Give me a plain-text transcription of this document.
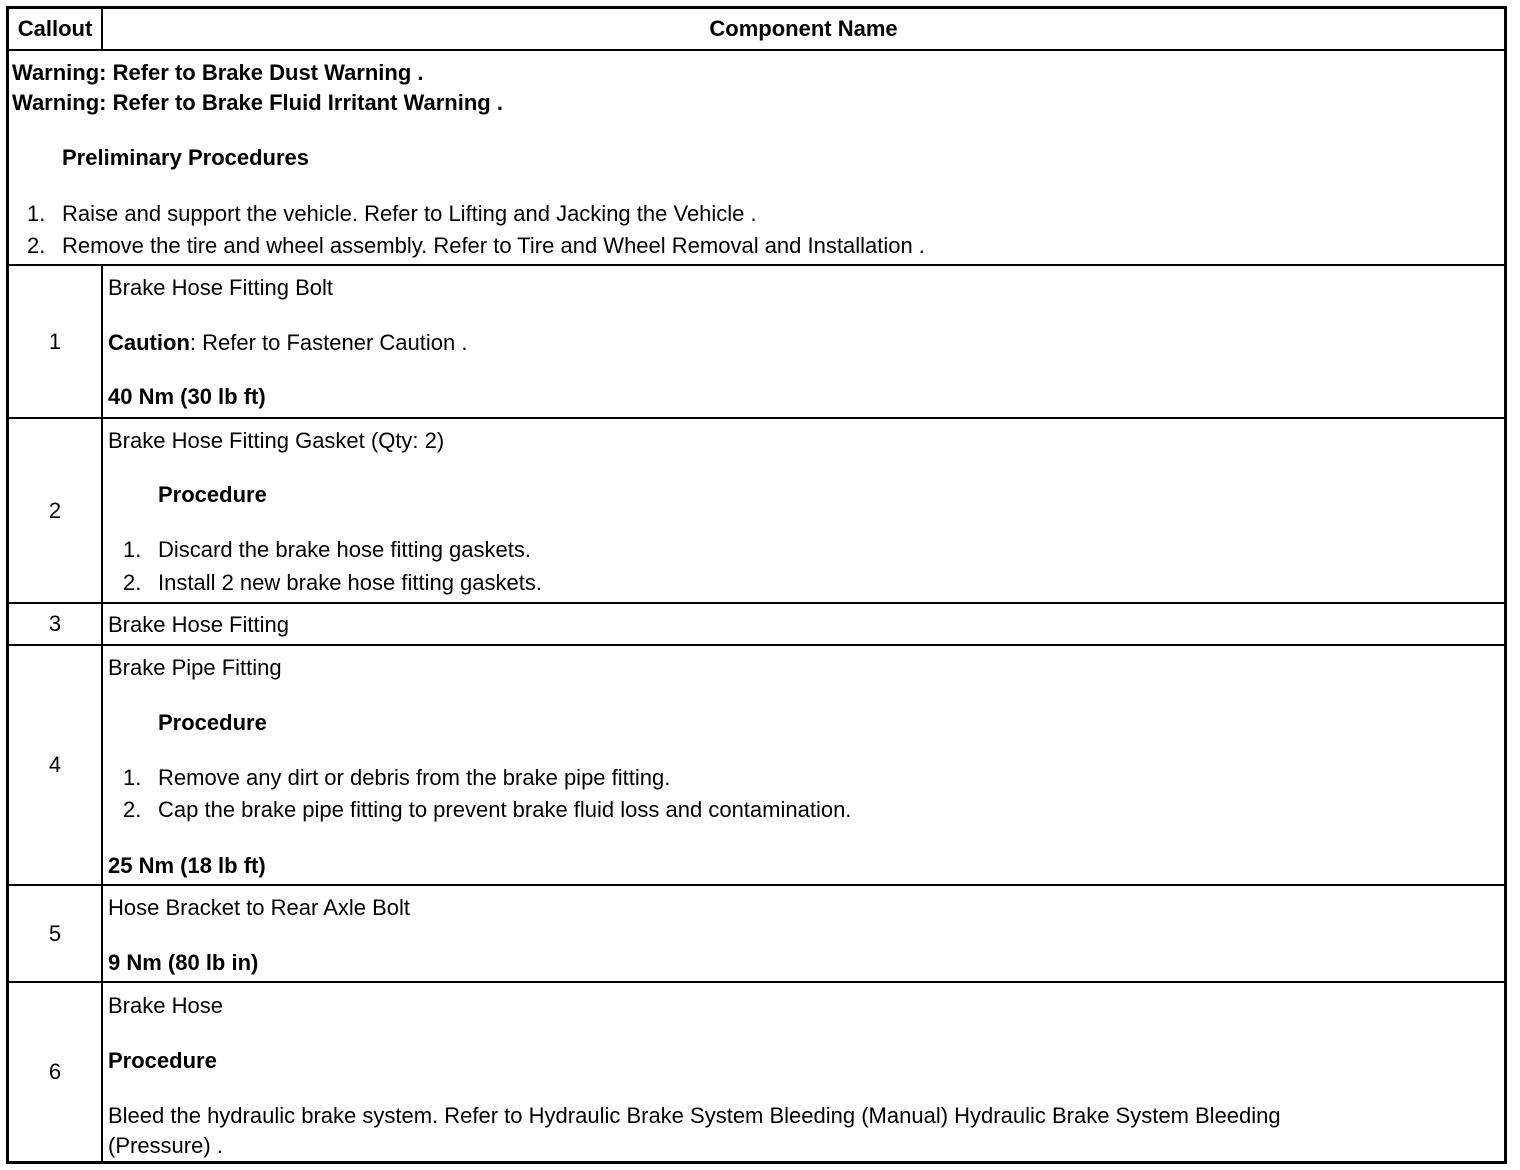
Callout	Component Name
Warning: Refer to Brake Dust Warning .
Warning: Refer to Brake Fluid Irritant Warning .
Preliminary Procedures
1. Raise and support the vehicle. Refer to Lifting and Jacking the Vehicle .
2. Remove the tire and wheel assembly. Refer to Tire and Wheel Removal and Installation .
1
Brake Hose Fitting Bolt
Caution: Refer to Fastener Caution .
40 Nm (30 lb ft)
2
Brake Hose Fitting Gasket (Qty: 2)
Procedure
1. Discard the brake hose fitting gaskets.
2. Install 2 new brake hose fitting gaskets.
3	Brake Hose Fitting
4
Brake Pipe Fitting
Procedure
1. Remove any dirt or debris from the brake pipe fitting.
2. Cap the brake pipe fitting to prevent brake fluid loss and contamination.
25 Nm (18 lb ft)
5
Hose Bracket to Rear Axle Bolt
9 Nm (80 lb in)
6
Brake Hose
Procedure
Bleed the hydraulic brake system. Refer to Hydraulic Brake System Bleeding (Manual) Hydraulic Brake System Bleeding
(Pressure) .
